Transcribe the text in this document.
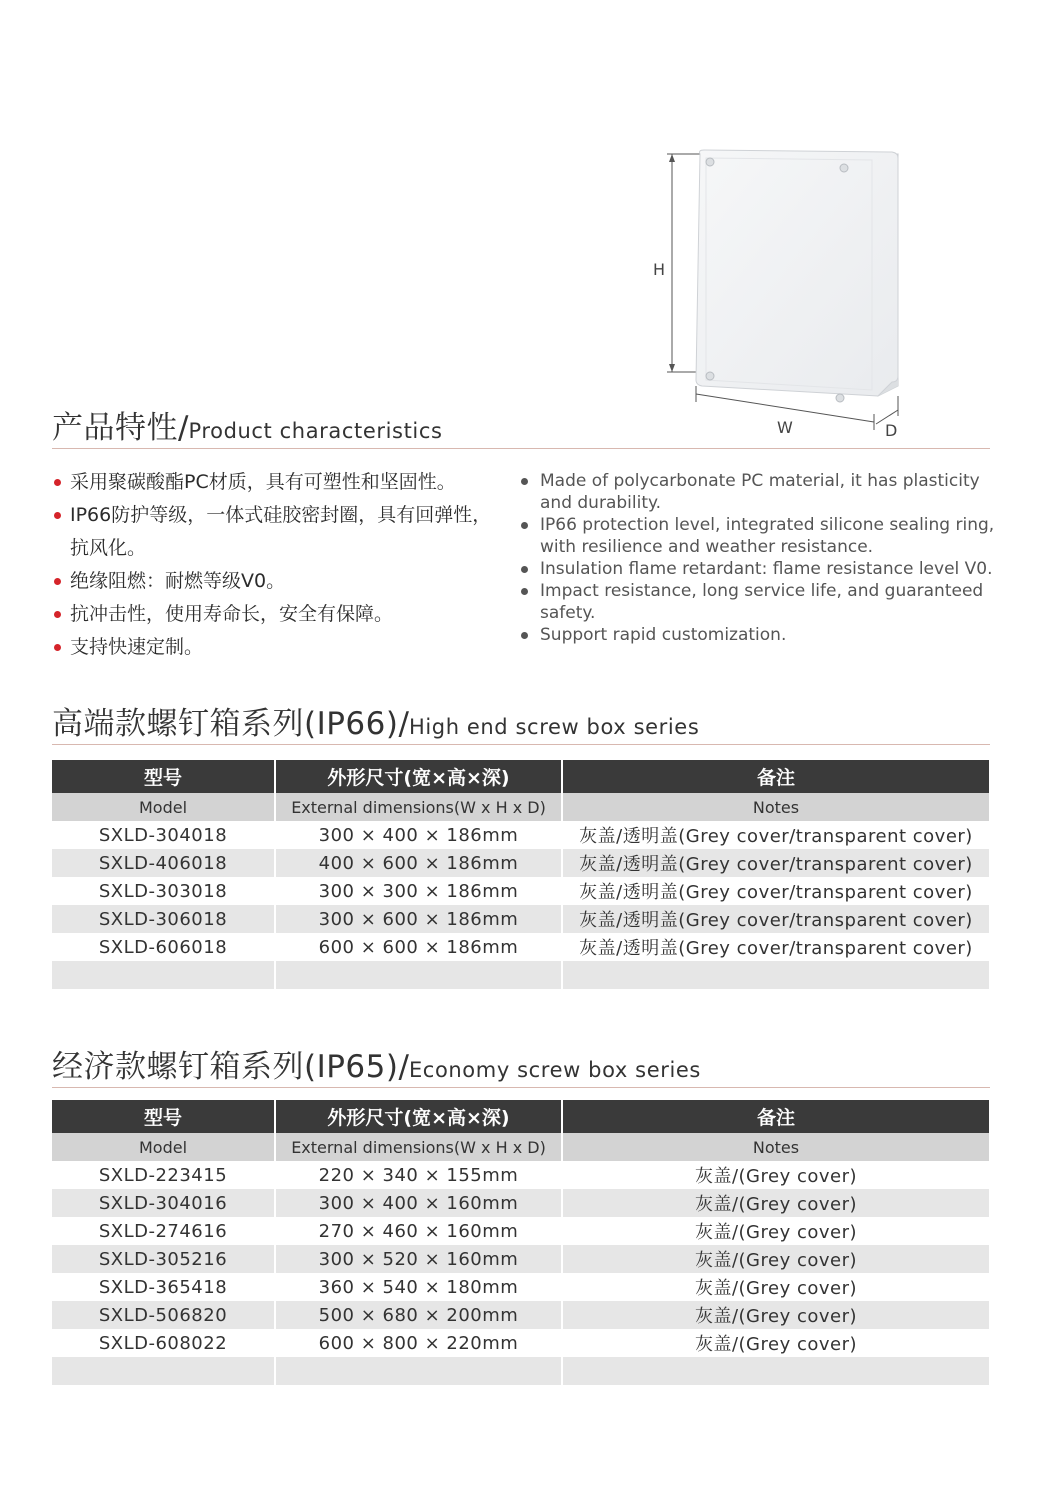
H
W	D
产品特性/Product characteristics
采用聚碳酸酯PC材质，具有可塑性和坚固性。
IP66防护等级，一体式硅胶密封圈，具有回弹性，抗风化。
绝缘阻燃：耐燃等级V0。
抗冲击性，使用寿命长，安全有保障。
支持快速定制。
Made of polycarbonate PC material, it has plasticity and durability.
IP66 protection level, integrated silicone sealing ring, with resilience and weather resistance.
Insulation flame retardant: flame resistance level V0.
Impact resistance, long service life, and guaranteed safety.
Support rapid customization.
高端款螺钉箱系列(IP66)/High end screw box series
型号	外形尺寸(宽×高×深)	备注
Model	External dimensions(W x H x D)	Notes
SXLD-304018	300 × 400 × 186mm	灰盖/透明盖(Grey cover/transparent cover)
SXLD-406018	400 × 600 × 186mm	灰盖/透明盖(Grey cover/transparent cover)
SXLD-303018	300 × 300 × 186mm	灰盖/透明盖(Grey cover/transparent cover)
SXLD-306018	300 × 600 × 186mm	灰盖/透明盖(Grey cover/transparent cover)
SXLD-606018	600 × 600 × 186mm	灰盖/透明盖(Grey cover/transparent cover)

经济款螺钉箱系列(IP65)/Economy screw box series
型号	外形尺寸(宽×高×深)	备注
Model	External dimensions(W x H x D)	Notes
SXLD-223415	220 × 340 × 155mm	灰盖/(Grey cover)
SXLD-304016	300 × 400 × 160mm	灰盖/(Grey cover)
SXLD-274616	270 × 460 × 160mm	灰盖/(Grey cover)
SXLD-305216	300 × 520 × 160mm	灰盖/(Grey cover)
SXLD-365418	360 × 540 × 180mm	灰盖/(Grey cover)
SXLD-506820	500 × 680 × 200mm	灰盖/(Grey cover)
SXLD-608022	600 × 800 × 220mm	灰盖/(Grey cover)
